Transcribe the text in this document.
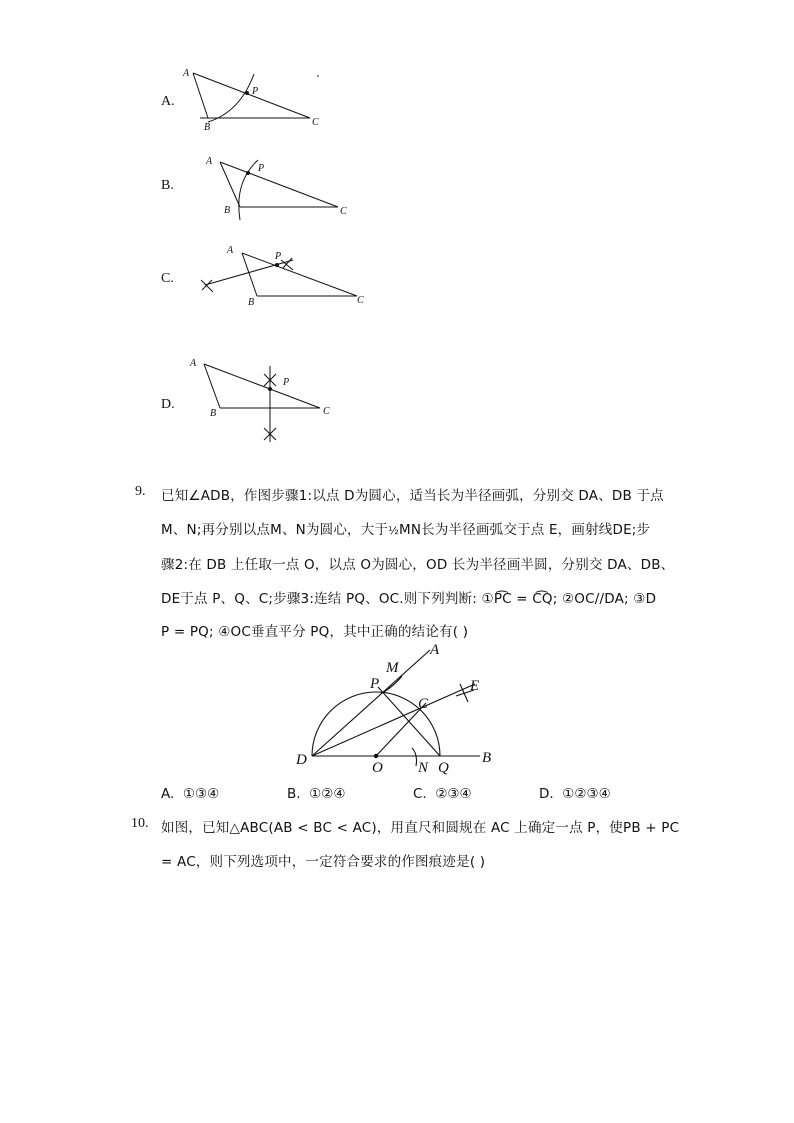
A.
A
P
B	C
B.
A
P
B	C
C.
A
P
B	C
D.
A
P
B	C
9. 已知∠ADB，作图步骤1:以点 D为圆心，适当长为半径画弧，分别交 DA、DB 于点
M、N;再分别以点M、N为圆心，大于½MN长为半径画弧交于点 E，画射线DE;步
骤2:在 DB 上任取一点 O，以点 O为圆心，OD 长为半径画半圆，分别交 DA、DB、
DE于点 P、Q、C;步骤3:连结 PQ、OC.则下列判断: ①P͡C = C͡Q; ②OC//DA; ③D
P = PQ; ④OC垂直平分 PQ，其中正确的结论有( )
A
M
P
C
E
D	O N Q
B
A. ①③④	B. ①②④	C. ②③④	D. ①②③④
10. 如图，已知△ABC(AB < BC < AC)，用直尺和圆规在 AC 上确定一点 P，使PB + PC
= AC，则下列选项中，一定符合要求的作图痕迹是( )
